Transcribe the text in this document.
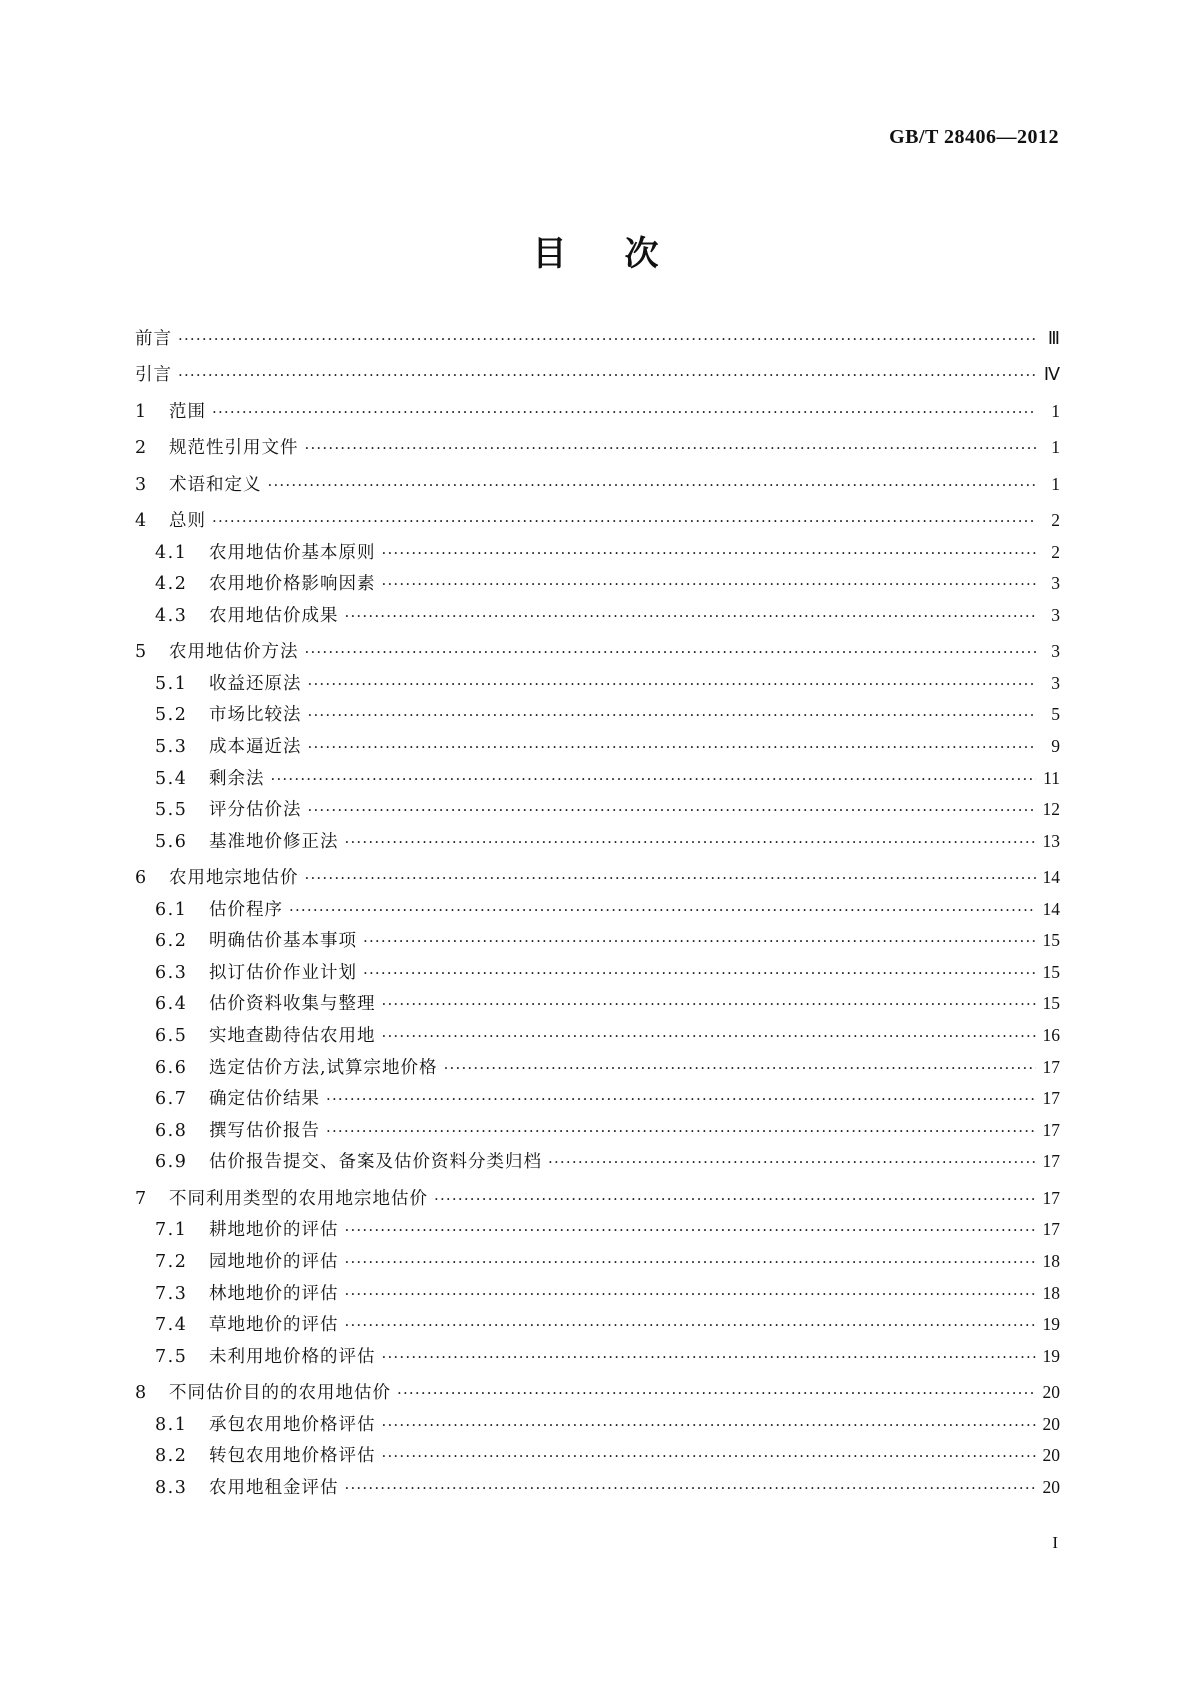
GB/T 28406—2012
目次
前言 ·····	Ⅲ
引言 ·····	Ⅳ
1	范围 ·····	1
2	规范性引用文件 ·····	1
3	术语和定义 ·····	1
4	总则 ·····	2
4.1	农用地估价基本原则 ·····	2
4.2	农用地价格影响因素 ·····	3
4.3	农用地估价成果 ·····	3
5	农用地估价方法 ·····	3
5.1	收益还原法 ·····	3
5.2	市场比较法 ·····	5
5.3	成本逼近法 ·····	9
5.4	剩余法 ·····	11
5.5	评分估价法 ·····	12
5.6	基准地价修正法 ·····	13
6	农用地宗地估价 ·····	14
6.1	估价程序 ·····	14
6.2	明确估价基本事项 ·····	15
6.3	拟订估价作业计划 ·····	15
6.4	估价资料收集与整理 ·····	15
6.5	实地查勘待估农用地 ·····	16
6.6	选定估价方法,试算宗地价格 ·····	17
6.7	确定估价结果 ·····	17
6.8	撰写估价报告 ·····	17
6.9	估价报告提交、备案及估价资料分类归档 ·····	17
7	不同利用类型的农用地宗地估价 ·····	17
7.1	耕地地价的评估 ·····	17
7.2	园地地价的评估 ·····	18
7.3	林地地价的评估 ·····	18
7.4	草地地价的评估 ·····	19
7.5	未利用地价格的评估 ·····	19
8	不同估价目的的农用地估价 ·····	20
8.1	承包农用地价格评估 ·····	20
8.2	转包农用地价格评估 ·····	20
8.3	农用地租金评估 ·····	20
I
